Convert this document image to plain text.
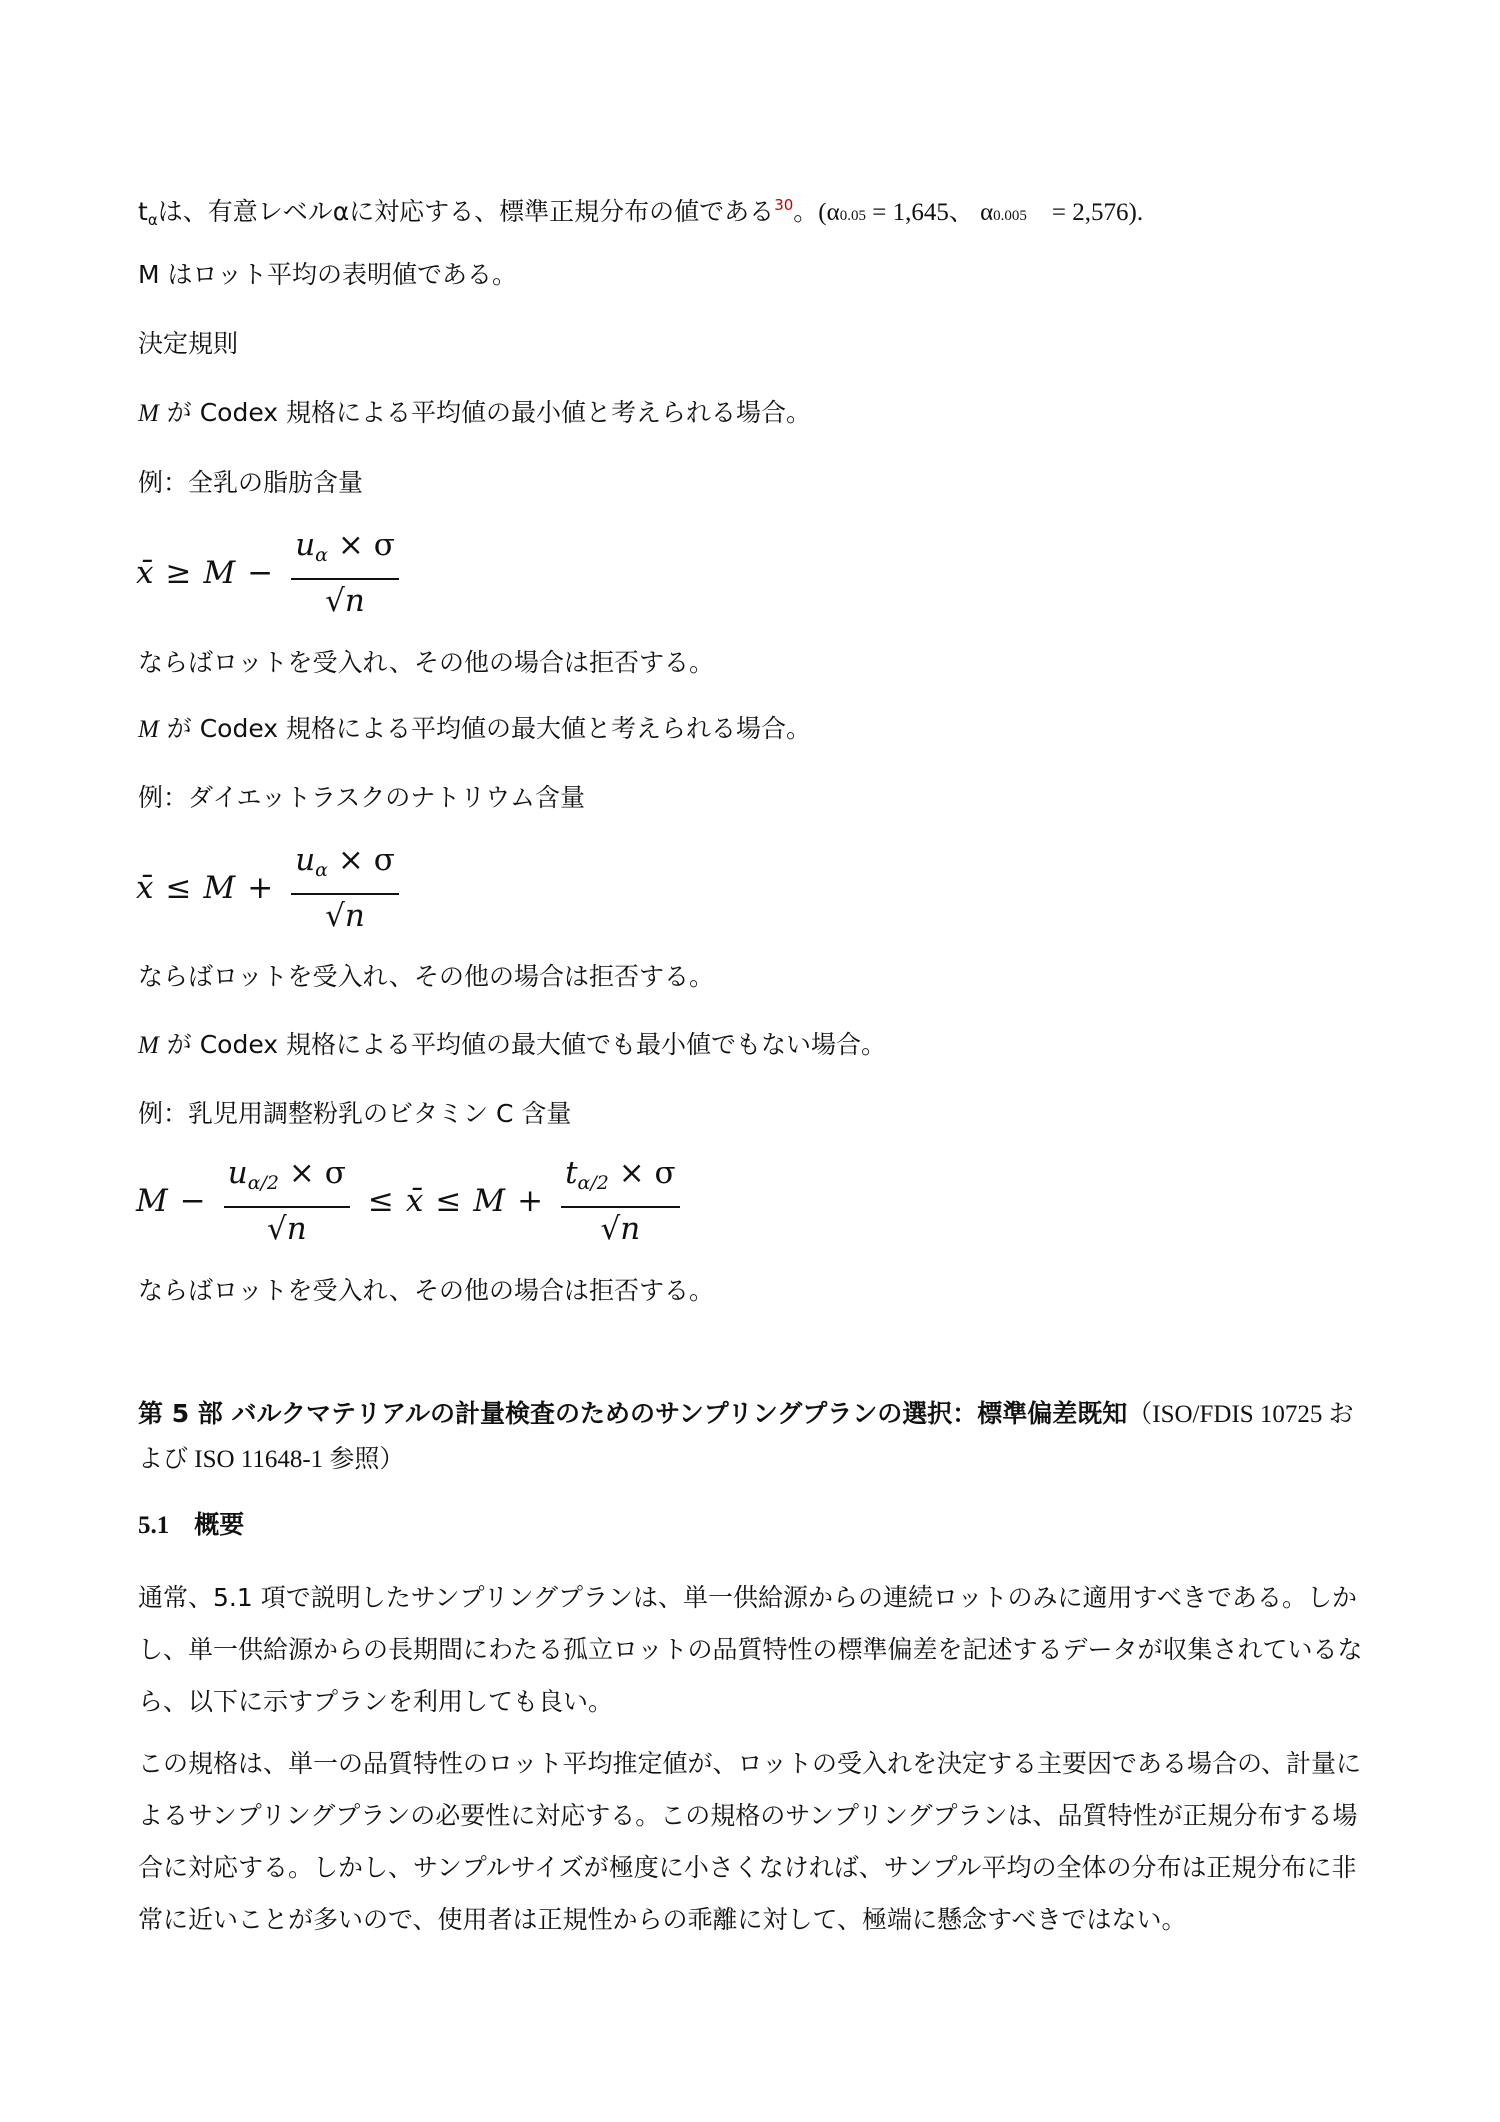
$t_\alpha$は、有意レベルαに対応する、標準正規分布の値である$^{30}$。(α0.05 = 1,645、 α0.005　= 2,576).
M はロット平均の表明値である。
決定規則
M が Codex 規格による平均値の最小値と考えられる場合。
例：全乳の脂肪含量
x̄ ≥ $M - \frac{u_\alpha \times \sigma}{√n}$
ならばロットを受入れ、その他の場合は拒否する。
M が Codex 規格による平均値の最大値と考えられる場合。
例：ダイエットラスクのナトリウム含量
x̄ ≤ $M + \frac{u_\alpha \times \sigma}{√n}$
ならばロットを受入れ、その他の場合は拒否する。
M が Codex 規格による平均値の最大値でも最小値でもない場合。
例：乳児用調整粉乳のビタミン C 含量
$M - \frac{u_{\alpha/2} \times \sigma}{√n}$ ≤ x̄ ≤ $M + \frac{t_{\alpha/2} \times \sigma}{√n}$
ならばロットを受入れ、その他の場合は拒否する。
第 5 部 バルクマテリアルの計量検査のためのサンプリングプランの選択：標準偏差既知（ISO/FDIS 10725 および ISO 11648-1 参照）
5.1　概要
通常、5.1 項で説明したサンプリングプランは、単一供給源からの連続ロットのみに適用すべきである。しかし、単一供給源からの長期間にわたる孤立ロットの品質特性の標準偏差を記述するデータが収集されているなら、以下に示すプランを利用しても良い。
この規格は、単一の品質特性のロット平均推定値が、ロットの受入れを決定する主要因である場合の、計量によるサンプリングプランの必要性に対応する。この規格のサンプリングプランは、品質特性が正規分布する場合に対応する。しかし、サンプルサイズが極度に小さくなければ、サンプル平均の全体の分布は正規分布に非常に近いことが多いので、使用者は正規性からの乖離に対して、極端に懸念すべきではない。
